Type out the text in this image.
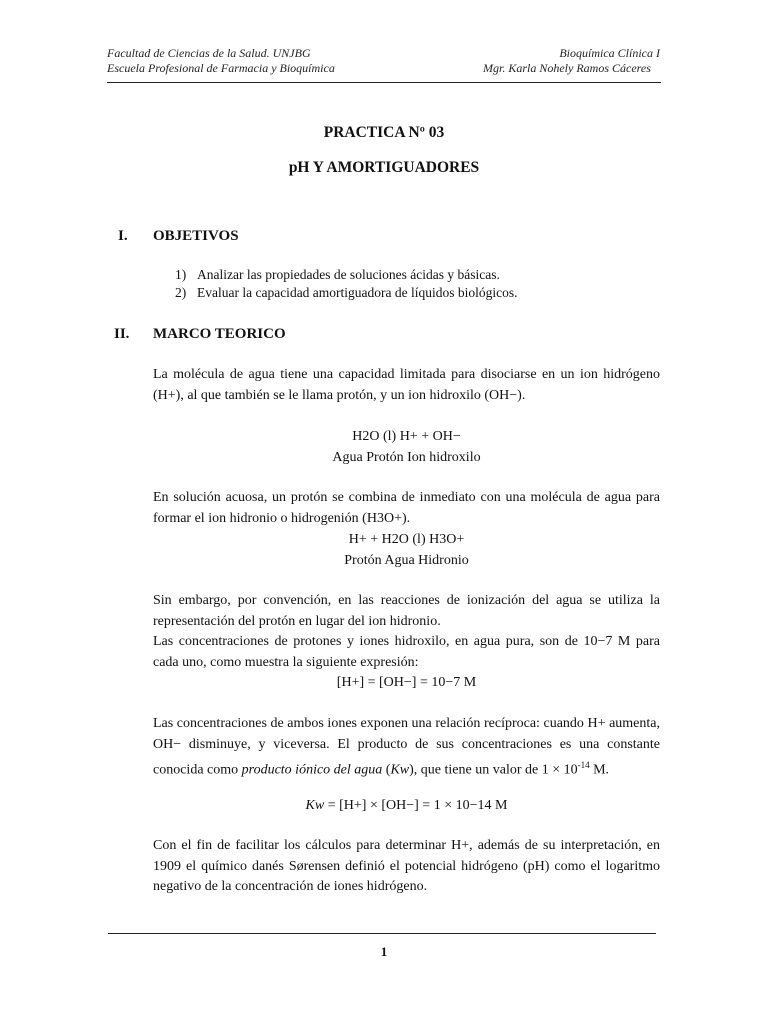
Facultad de Ciencias de la Salud. UNJBG
Escuela Profesional de Farmacia y Bioquímica
Bioquímica Clínica I
Mgr. Karla Nohely Ramos Cáceres
PRACTICA Nº 03
pH Y AMORTIGUADORES
I. OBJETIVOS
1) Analizar las propiedades de soluciones ácidas y básicas.
2) Evaluar la capacidad amortiguadora de líquidos biológicos.
II. MARCO TEORICO
La molécula de agua tiene una capacidad limitada para disociarse en un ion hidrógeno (H+), al que también se le llama protón, y un ion hidroxilo (OH−).
H2O (l) H+ + OH−
Agua Protón Ion hidroxilo
En solución acuosa, un protón se combina de inmediato con una molécula de agua para formar el ion hidronio o hidrogenión (H3O+).
H+ + H2O (l) H3O+
Protón Agua Hidronio
Sin embargo, por convención, en las reacciones de ionización del agua se utiliza la representación del protón en lugar del ion hidronio.
Las concentraciones de protones y iones hidroxilo, en agua pura, son de 10−7 M para cada uno, como muestra la siguiente expresión:
[H+] = [OH−] = 10−7 M
Las concentraciones de ambos iones exponen una relación recíproca: cuando H+ aumenta, OH− disminuye, y viceversa. El producto de sus concentraciones es una constante conocida como producto iónico del agua (Kw), que tiene un valor de $1 \times 10^{-14}$ M.
Kw = [H+] × [OH−] = 1 × 10−14 M
Con el fin de facilitar los cálculos para determinar H+, además de su interpretación, en 1909 el químico danés Sørensen definió el potencial hidrógeno (pH) como el logaritmo negativo de la concentración de iones hidrógeno.
1
